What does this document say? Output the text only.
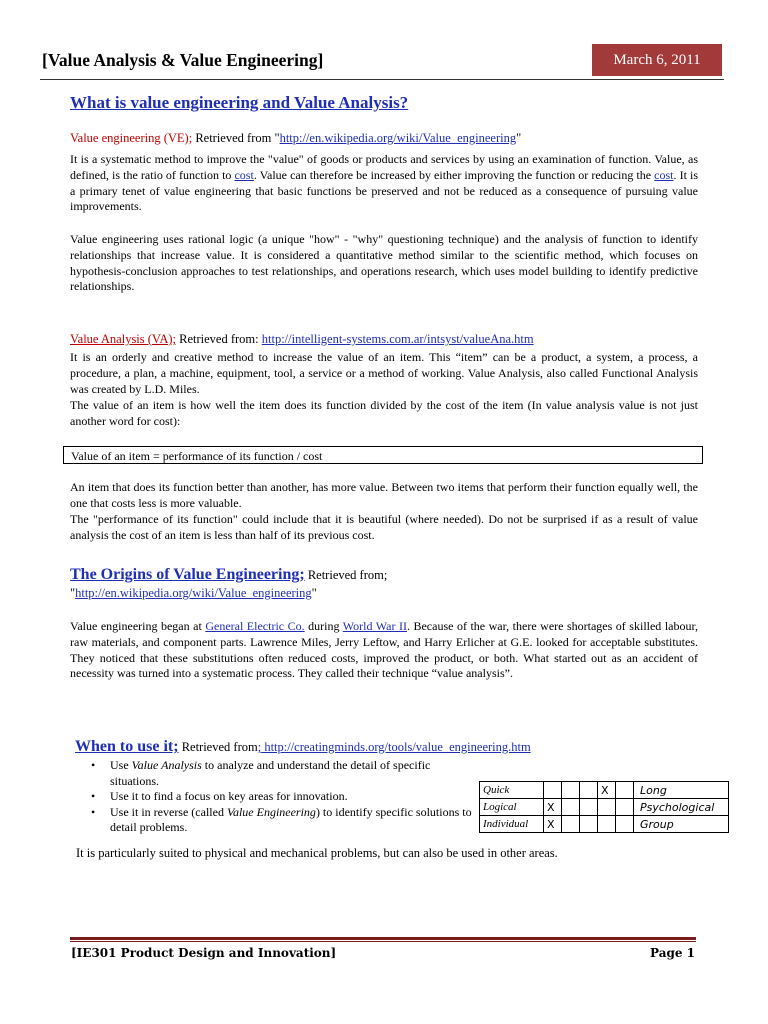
[Value Analysis & Value Engineering]	March 6, 2011
What is value engineering and Value Analysis?
Value engineering (VE); Retrieved from "http://en.wikipedia.org/wiki/Value_engineering"
It is a systematic method to improve the "value" of goods or products and services by using an examination of function. Value, as defined, is the ratio of function to cost. Value can therefore be increased by either improving the function or reducing the cost. It is a primary tenet of value engineering that basic functions be preserved and not be reduced as a consequence of pursuing value improvements.
Value engineering uses rational logic (a unique "how" - "why" questioning technique) and the analysis of function to identify relationships that increase value. It is considered a quantitative method similar to the scientific method, which focuses on hypothesis-conclusion approaches to test relationships, and operations research, which uses model building to identify predictive relationships.
Value Analysis (VA); Retrieved from: http://intelligent-systems.com.ar/intsyst/valueAna.htm
It is an orderly and creative method to increase the value of an item. This “item” can be a product, a system, a process, a procedure, a plan, a machine, equipment, tool, a service or a method of working. Value Analysis, also called Functional Analysis was created by L.D. Miles.
The value of an item is how well the item does its function divided by the cost of the item (In value analysis value is not just another word for cost):
Value of an item = performance of its function / cost
An item that does its function better than another, has more value. Between two items that perform their function equally well, the one that costs less is more valuable.
The "performance of its function" could include that it is beautiful (where needed). Do not be surprised if as a result of value analysis the cost of an item is less than half of its previous cost.
The Origins of Value Engineering; Retrieved from;
"http://en.wikipedia.org/wiki/Value_engineering"
Value engineering began at General Electric Co. during World War II. Because of the war, there were shortages of skilled labour, raw materials, and component parts. Lawrence Miles, Jerry Leftow, and Harry Erlicher at G.E. looked for acceptable substitutes. They noticed that these substitutions often reduced costs, improved the product, or both. What started out as an accident of necessity was turned into a systematic process. They called their technique “value analysis”.
When to use it; Retrieved from; http://creatingminds.org/tools/value_engineering.htm
• Use Value Analysis to analyze and understand the detail of specific situations.
• Use it to find a focus on key areas for innovation.
• Use it in reverse (called Value Engineering) to identify specific solutions to detail problems.
Quick				X		Long
Logical	X					Psychological
Individual	X					Group
It is particularly suited to physical and mechanical problems, but can also be used in other areas.
[IE301 Product Design and Innovation]	Page 1
